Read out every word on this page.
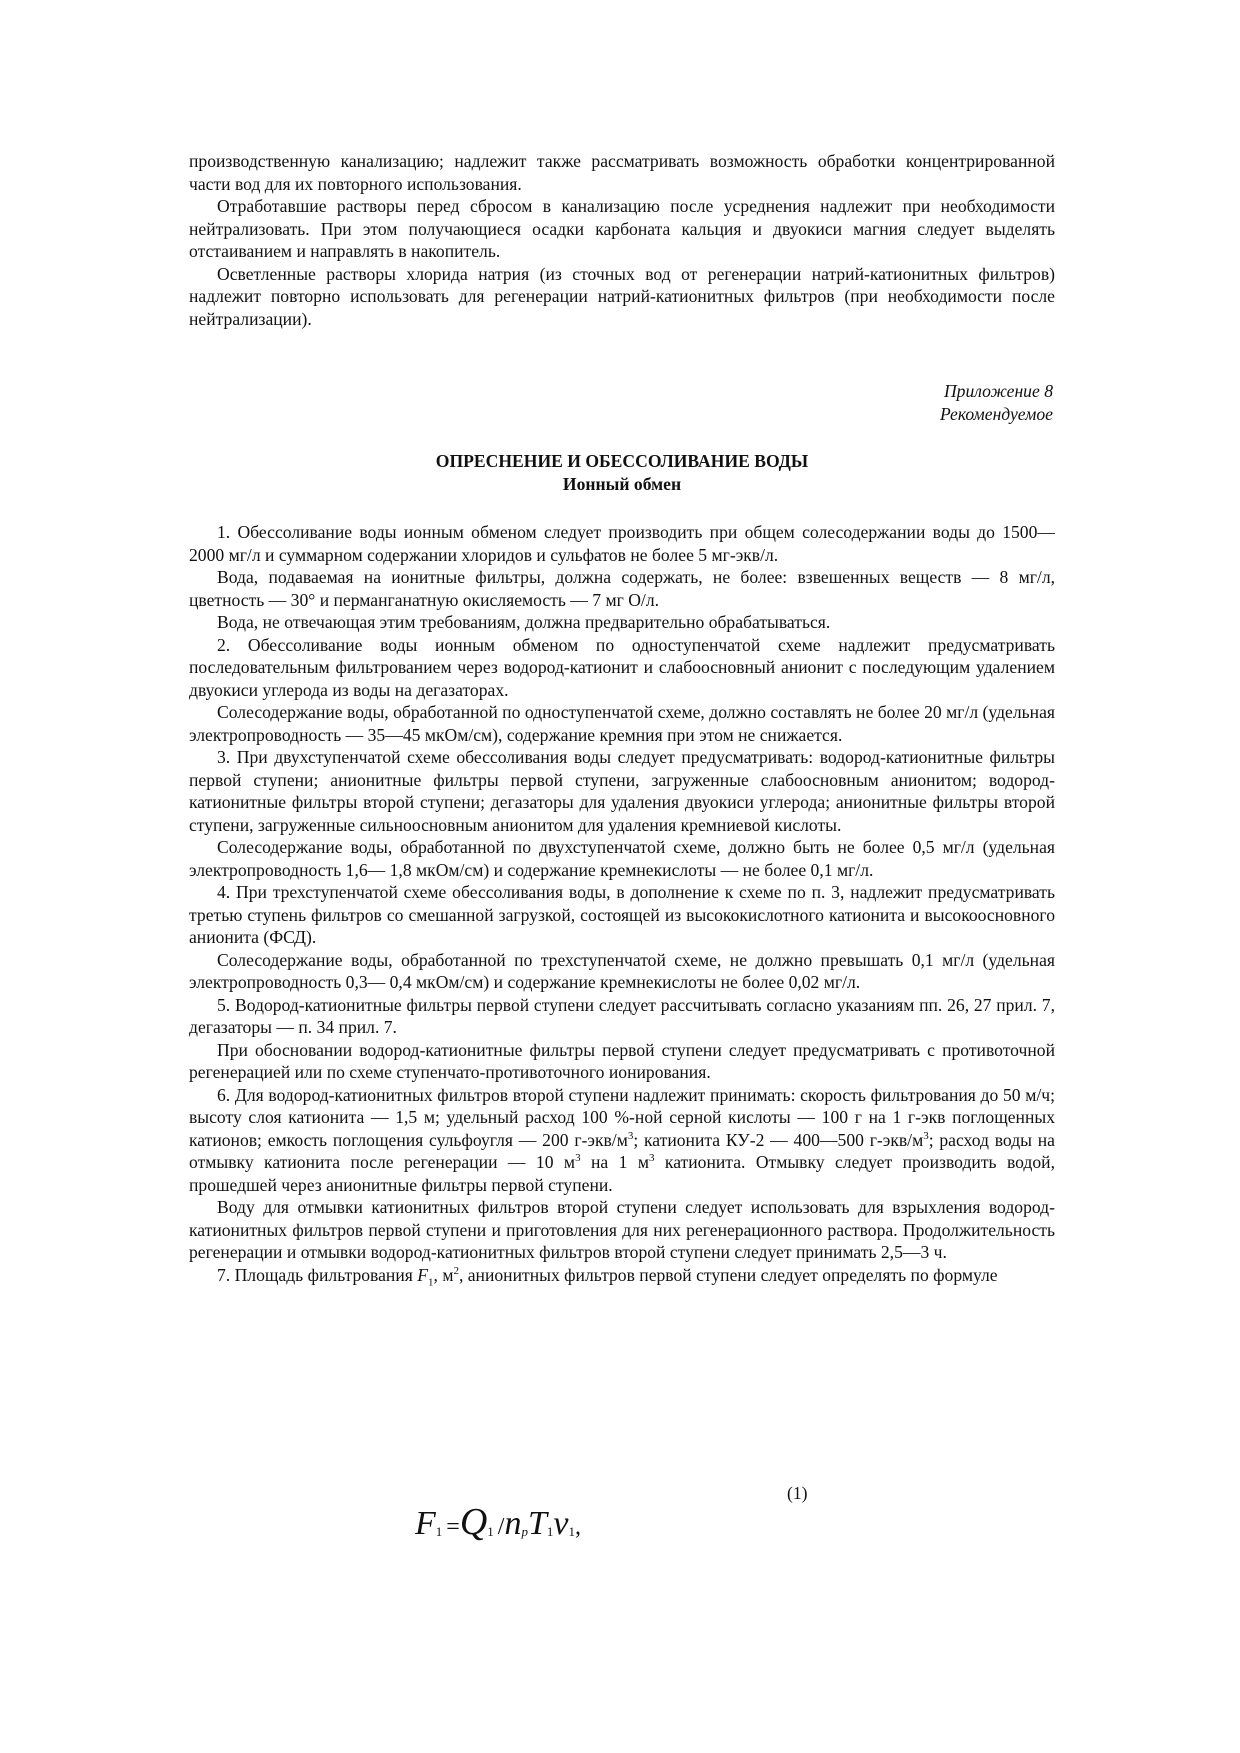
производственную канализацию; надлежит также рассматривать возможность обработки концентрированной части вод для их повторного использования.

Отработавшие растворы перед сбросом в канализацию после усреднения надлежит при необходимости нейтрализовать. При этом получающиеся осадки карбоната кальция и двуокиси магния следует выделять отстаиванием и направлять в накопитель.

Осветленные растворы хлорида натрия (из сточных вод от регенерации натрий-катионитных фильтров) надлежит повторно использовать для регенерации натрий-катионитных фильтров (при необходимости после нейтрализации).

Приложение 8
Рекомендуемое
ОПРЕСНЕНИЕ И ОБЕССОЛИВАНИЕ ВОДЫ
Ионный обмен

1. Обессоливание воды ионным обменом следует производить при общем солесодержании воды до 1500—2000 мг/л и суммарном содержании хлоридов и сульфатов не более 5 мг-экв/л.

Вода, подаваемая на ионитные фильтры, должна содержать, не более: взвешенных веществ — 8 мг/л, цветность — 30° и перманганатную окисляемость — 7 мг О/л.

Вода, не отвечающая этим требованиям, должна предварительно обрабатываться.

2. Обессоливание воды ионным обменом по одноступенчатой схеме надлежит предусматривать последовательным фильтрованием через водород-катионит и слабоосновный анионит с последующим удалением двуокиси углерода из воды на дегазаторах.

Солесодержание воды, обработанной по одноступенчатой схеме, должно составлять не более 20 мг/л (удельная электропроводность — 35—45 мкОм/см), содержание кремния при этом не снижается.

3. При двухступенчатой схеме обессоливания воды следует предусматривать: водород-катионитные фильтры первой ступени; анионитные фильтры первой ступени, загруженные слабоосновным анионитом; водород-катионитные фильтры второй ступени; дегазаторы для удаления двуокиси углерода; анионитные фильтры второй ступени, загруженные сильноосновным анионитом для удаления кремниевой кислоты.

Солесодержание воды, обработанной по двухступенчатой схеме, должно быть не более 0,5 мг/л (удельная электропроводность 1,6— 1,8 мкОм/см) и содержание кремнекислоты — не более 0,1 мг/л.

4. При трехступенчатой схеме обессоливания воды, в дополнение к схеме по п. 3, надлежит предусматривать третью ступень фильтров со смешанной загрузкой, состоящей из высококислотного катионита и высокоосновного анионита (ФСД).

Солесодержание воды, обработанной по трехступенчатой схеме, не должно превышать 0,1 мг/л (удельная электропроводность 0,3— 0,4 мкОм/см) и содержание кремнекислоты не более 0,02 мг/л.

5. Водород-катионитные фильтры первой ступени следует рассчитывать согласно указаниям пп. 26, 27 прил. 7, дегазаторы — п. 34 прил. 7.

При обосновании водород-катионитные фильтры первой ступени следует предусматривать с противоточной регенерацией или по схеме ступенчато-противоточного ионирования.

6. Для водород-катионитных фильтров второй ступени надлежит принимать: скорость фильтрования до 50 м/ч; высоту слоя катионита — 1,5 м; удельный расход 100 %-ной серной кислоты — 100 г на 1 г-экв поглощенных катионов; емкость поглощения сульфоугля — 200 $г-экв/м^3$; катионита КУ-2 — 400—500 $г-экв/м^3$; расход воды на отмывку катионита после регенерации — 10 $м^3$ на 1 $м^3$ катионита. Отмывку следует производить водой, прошедшей через анионитные фильтры первой ступени.

Воду для отмывки катионитных фильтров второй ступени следует использовать для взрыхления водород-катионитных фильтров первой ступени и приготовления для них регенерационного раствора. Продолжительность регенерации и отмывки водород-катионитных фильтров второй ступени следует принимать 2,5—3 ч.

7. Площадь фильтрования $F_1$, $м^2$, анионитных фильтров первой ступени следует определять по формуле

(1)
F1 =Q1 /npT1v1,
